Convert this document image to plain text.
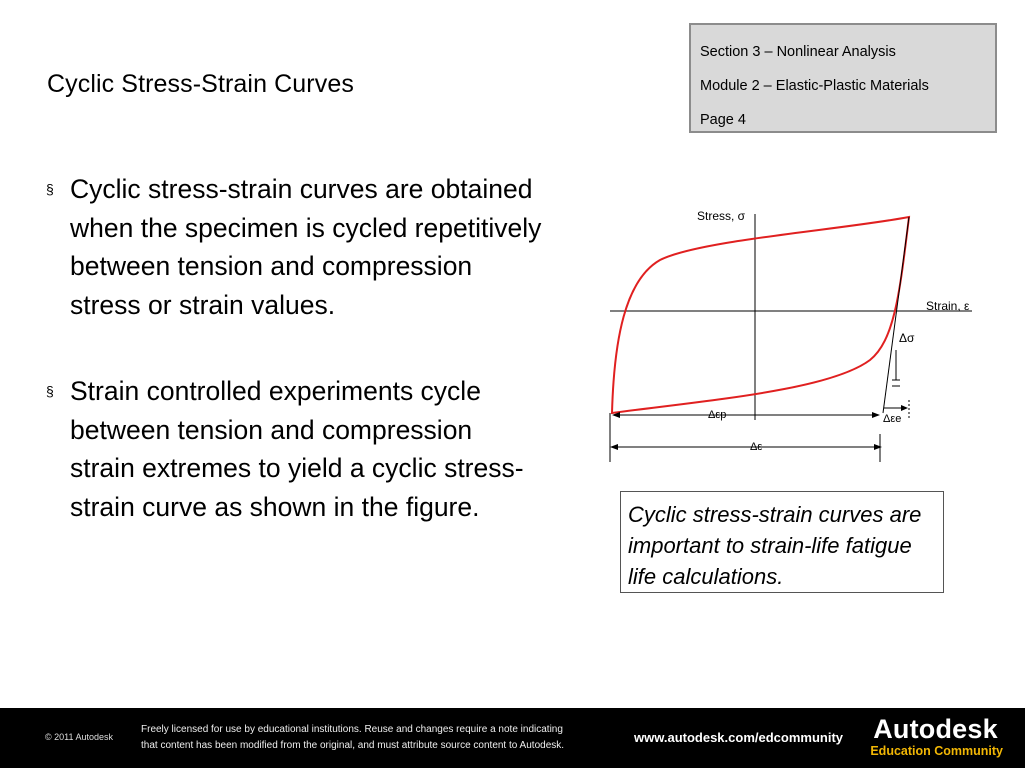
Cyclic Stress-Strain Curves
Section 3 – Nonlinear Analysis
Module 2 – Elastic-Plastic Materials
Page 4
§ Cyclic stress-strain curves are obtained when the specimen is cycled repetitively between tension and compression stress or strain values.
§ Strain controlled experiments cycle between tension and compression strain extremes to yield a cyclic stress-strain curve as shown in the figure.
Stress, σ
Strain, ε
Δσ
Δεp	Δεe
Δε
Cyclic stress-strain curves are important to strain-life fatigue life calculations.
© 2011 Autodesk
Freely licensed for use by educational institutions. Reuse and changes require a note indicating
that content has been modified from the original, and must attribute source content to Autodesk.
www.autodesk.com/edcommunity Autodesk
Education Community
